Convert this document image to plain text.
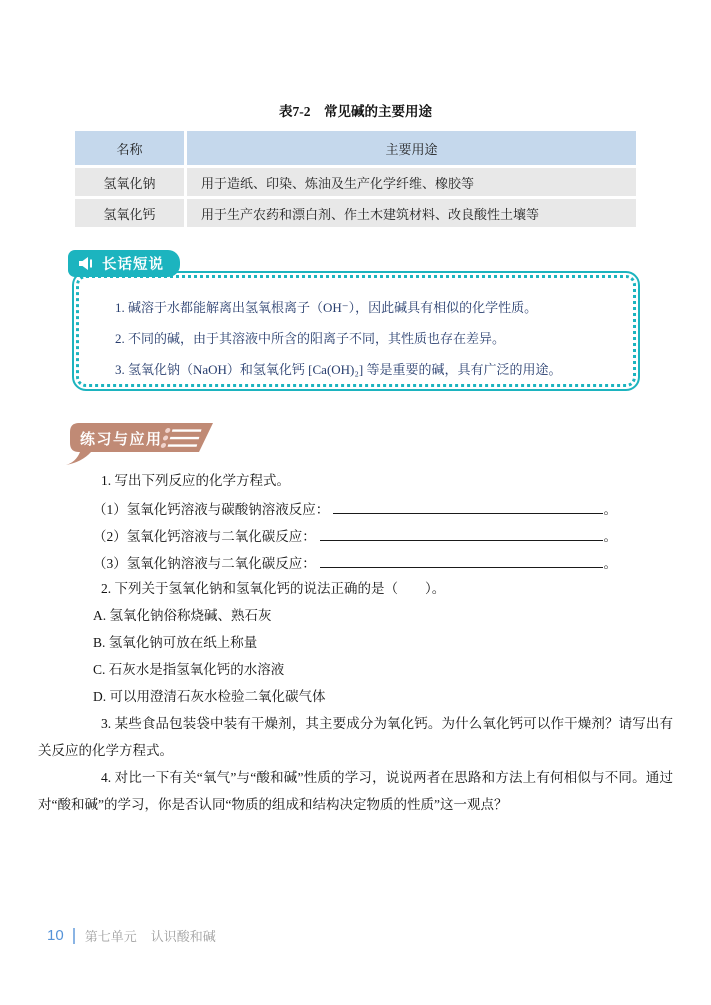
表7-2　常见碱的主要用途
名称	主要用途
氢氧化钠	用于造纸、印染、炼油及生产化学纤维、橡胶等
氢氧化钙	用于生产农药和漂白剂、作土木建筑材料、改良酸性土壤等
长话短说

1. 碱溶于水都能解离出氢氧根离子（OH⁻），因此碱具有相似的化学性质。

2. 不同的碱，由于其溶液中所含的阳离子不同，其性质也存在差异。

3. 氢氧化钠（NaOH）和氢氧化钙 [Ca(OH)₂] 等是重要的碱，具有广泛的用途。

练习与应用

1. 写出下列反应的化学方程式。

（1）氢氧化钙溶液与碳酸钠溶液反应：	。
（2）氢氧化钙溶液与二氧化碳反应：	。
（3）氢氧化钠溶液与二氧化碳反应：	。

2. 下列关于氢氧化钠和氢氧化钙的说法正确的是（　　）。

A. 氢氧化钠俗称烧碱、熟石灰

B. 氢氧化钠可放在纸上称量

C. 石灰水是指氢氧化钙的水溶液

D. 可以用澄清石灰水检验二氧化碳气体

3. 某些食品包装袋中装有干燥剂，其主要成分为氧化钙。为什么氧化钙可以作干燥剂？请写出有关反应的化学方程式。

4. 对比一下有关“氧气”与“酸和碱”性质的学习，说说两者在思路和方法上有何相似与不同。通过对“酸和碱”的学习，你是否认同“物质的组成和结构决定物质的性质”这一观点？

10 第七单元 认识酸和碱
